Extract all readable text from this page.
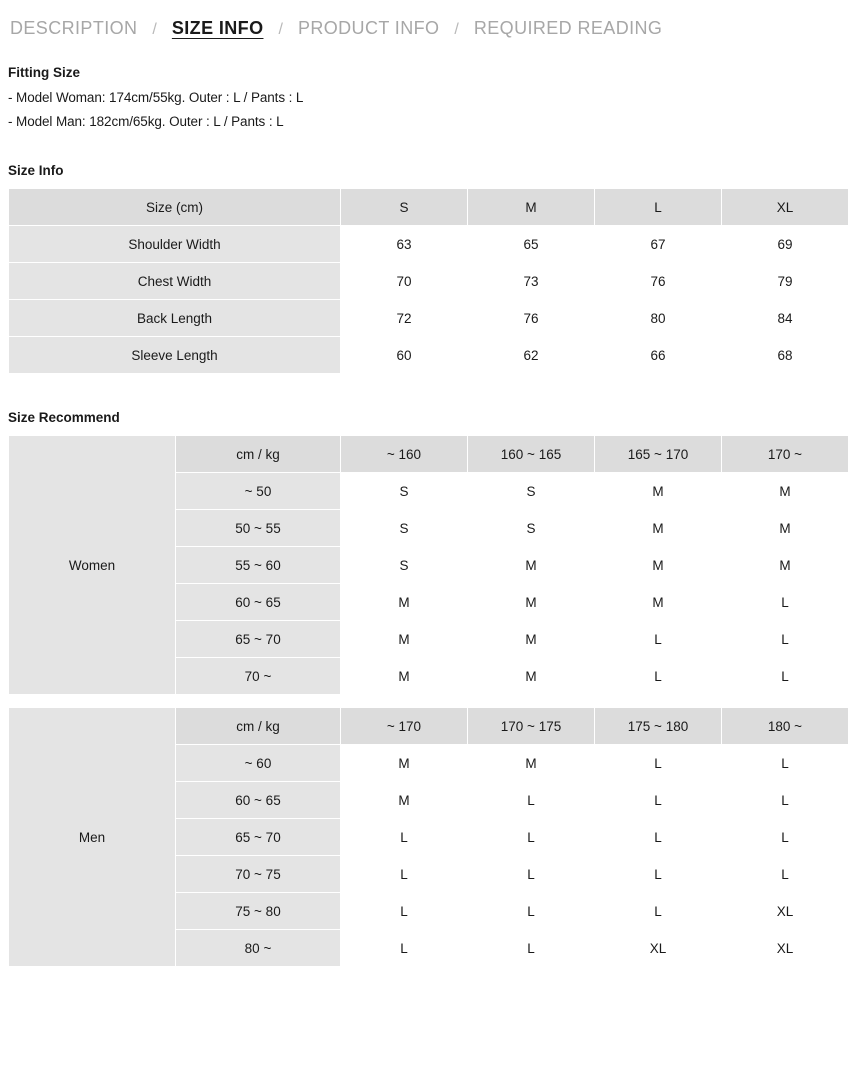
DESCRIPTION / SIZE INFO / PRODUCT INFO / REQUIRED READING
Fitting Size
- Model Woman: 174cm/55kg. Outer : L / Pants : L
- Model Man: 182cm/65kg. Outer : L / Pants : L
Size Info
Size (cm)	S	M	L	XL
Shoulder Width	63	65	67	69
Chest Width	70	73	76	79
Back Length	72	76	80	84
Sleeve Length	60	62	66	68
Size Recommend
Women	cm / kg	~ 160	160 ~ 165	165 ~ 170	170 ~
	~ 50	S	S	M	M
	50 ~ 55	S	S	M	M
	55 ~ 60	S	M	M	M
	60 ~ 65	M	M	M	L
	65 ~ 70	M	M	L	L
	70 ~	M	M	L	L
Men	cm / kg	~ 170	170 ~ 175	175 ~ 180	180 ~
	~ 60	M	M	L	L
	60 ~ 65	M	L	L	L
	65 ~ 70	L	L	L	L
	70 ~ 75	L	L	L	L
	75 ~ 80	L	L	L	XL
	80 ~	L	L	XL	XL
